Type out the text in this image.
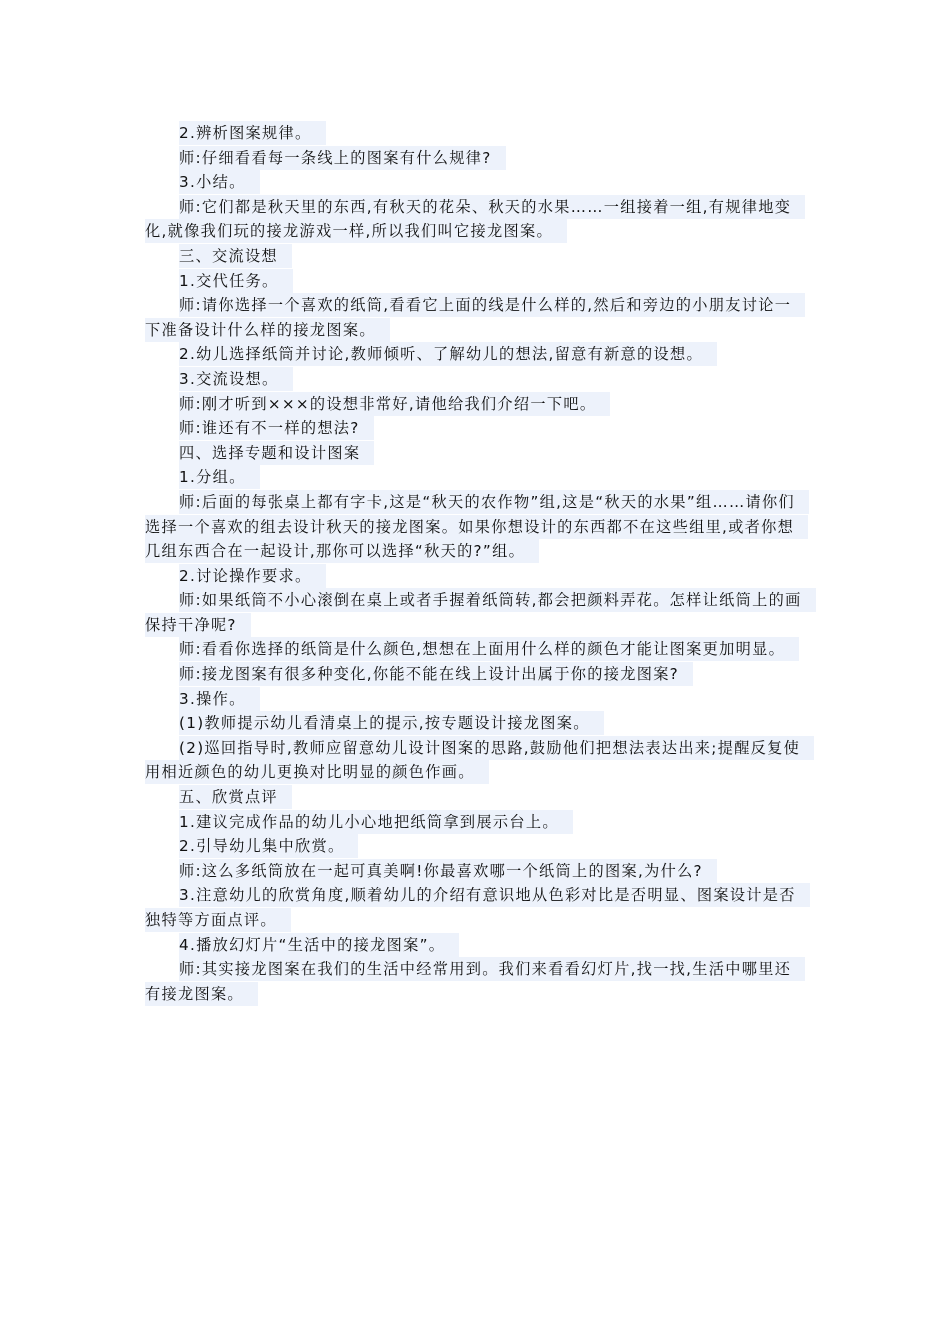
2.辨析图案规律。

师:仔细看看每一条线上的图案有什么规律?

3.小结。

师:它们都是秋天里的东西,有秋天的花朵、秋天的水果……一组接着一组,有规律地变化,就像我们玩的接龙游戏一样,所以我们叫它接龙图案。

三、交流设想

1.交代任务。

师:请你选择一个喜欢的纸筒,看看它上面的线是什么样的,然后和旁边的小朋友讨论一下准备设计什么样的接龙图案。

2.幼儿选择纸筒并讨论,教师倾听、了解幼儿的想法,留意有新意的设想。

3.交流设想。

师:刚才听到×××的设想非常好,请他给我们介绍一下吧。

师:谁还有不一样的想法?

四、选择专题和设计图案

1.分组。

师:后面的每张桌上都有字卡,这是“秋天的农作物”组,这是“秋天的水果”组……请你们选择一个喜欢的组去设计秋天的接龙图案。如果你想设计的东西都不在这些组里,或者你想几组东西合在一起设计,那你可以选择“秋天的?”组。

2.讨论操作要求。

师:如果纸筒不小心滚倒在桌上或者手握着纸筒转,都会把颜料弄花。怎样让纸筒上的画保持干净呢?

师:看看你选择的纸筒是什么颜色,想想在上面用什么样的颜色才能让图案更加明显。

师:接龙图案有很多种变化,你能不能在线上设计出属于你的接龙图案?

3.操作。

(1)教师提示幼儿看清桌上的提示,按专题设计接龙图案。

(2)巡回指导时,教师应留意幼儿设计图案的思路,鼓励他们把想法表达出来;提醒反复使用相近颜色的幼儿更换对比明显的颜色作画。

五、欣赏点评

1.建议完成作品的幼儿小心地把纸筒拿到展示台上。

2.引导幼儿集中欣赏。

师:这么多纸筒放在一起可真美啊!你最喜欢哪一个纸筒上的图案,为什么?

3.注意幼儿的欣赏角度,顺着幼儿的介绍有意识地从色彩对比是否明显、图案设计是否独特等方面点评。

4.播放幻灯片“生活中的接龙图案”。

师:其实接龙图案在我们的生活中经常用到。我们来看看幻灯片,找一找,生活中哪里还有接龙图案。
